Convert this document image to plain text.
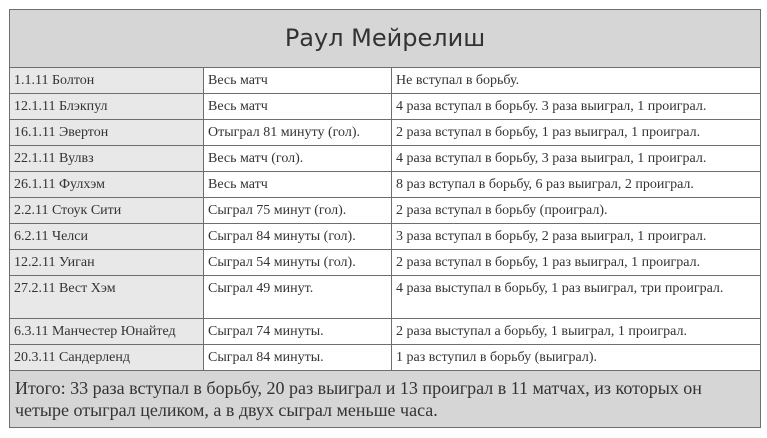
Раул Мейрелиш		
1.1.11 Болтон	Весь матч	Не вступал в борьбу.
12.1.11 Блэкпул	Весь матч	4 раза вступал в борьбу. 3 раза выиграл, 1 проиграл.
16.1.11 Эвертон	Отыграл 81 минуту (гол).	2 раза вступал в борьбу, 1 раз выиграл, 1 проиграл.
22.1.11 Вулвз	Весь матч (гол).	4 раза вступал в борьбу, 3 раза выиграл, 1 проиграл.
26.1.11 Фулхэм	Весь матч	8 раз вступал в борьбу, 6 раз выиграл, 2 проиграл.
2.2.11 Стоук Сити	Сыграл 75 минут (гол).	2 раза вступал в борьбу (проиграл).
6.2.11 Челси	Сыграл 84 минуты (гол).	3 раза вступал в борьбу, 2 раза выиграл, 1 проиграл.
12.2.11 Уиган	Сыграл 54 минуты (гол).	2 раза вступал в борьбу, 1 раз выиграл, 1 проиграл.
27.2.11 Вест Хэм	Сыграл 49 минут.	4 раза выступал в борьбу, 1 раз выиграл, три проиграл.
6.3.11 Манчестер Юнайтед	Сыграл 74 минуты.	2 раза выступал а борьбу, 1 выиграл, 1 проиграл.
20.3.11 Сандерленд	Сыграл 84 минуты.	1 раз вступил в борьбу (выиграл).
Итого: 33 раза вступал в борьбу, 20 раз выиграл и 13 проиграл в 11 матчах, из которых он четыре отыграл целиком, а в двух сыграл меньше часа.		
